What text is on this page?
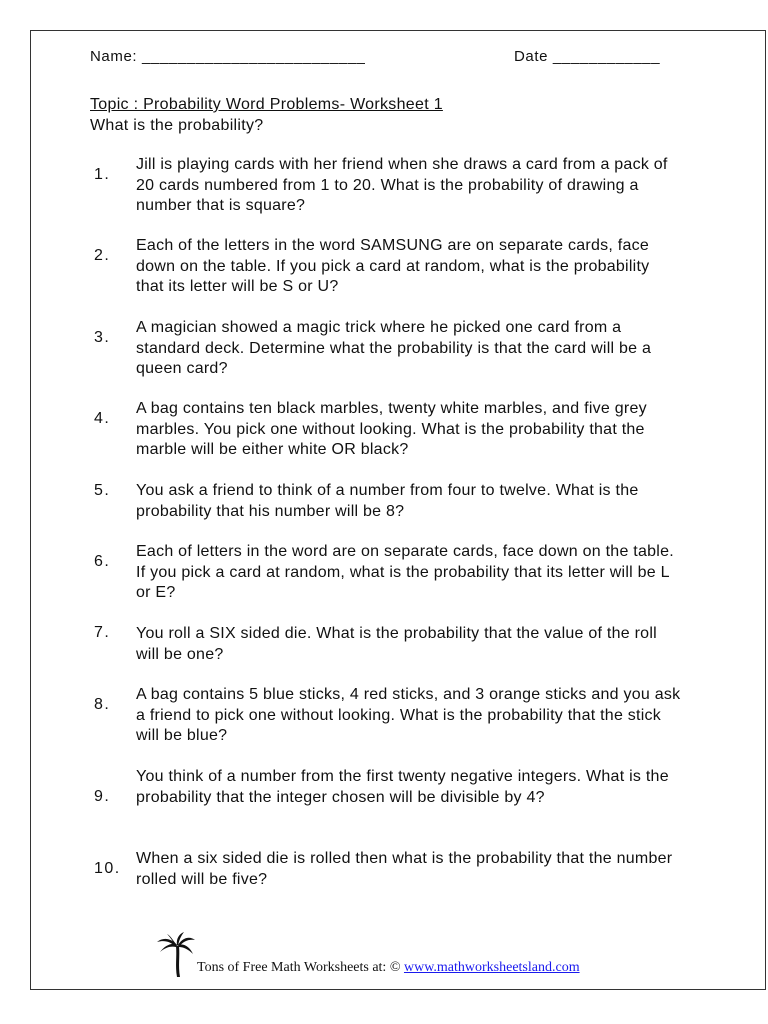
Name: _________________________	Date ____________
Topic : Probability Word Problems- Worksheet 1
What is the probability?
1.
Jill is playing cards with her friend when she draws a card from a pack of 20 cards numbered from 1 to 20. What is the probability of drawing a number that is square?
2.
Each of the letters in the word SAMSUNG are on separate cards, face down on the table. If you pick a card at random, what is the probability that its letter will be S or U?
3.
A magician showed a magic trick where he picked one card from a standard deck. Determine what the probability is that the card will be a queen card?
4.
A bag contains ten black marbles, twenty white marbles, and five grey marbles. You pick one without looking. What is the probability that the marble will be either white OR black?
5.	You ask a friend to think of a number from four to twelve. What is the probability that his number will be 8?
6.
Each of letters in the word are on separate cards, face down on the table. If you pick a card at random, what is the probability that its letter will be L or E?
7.	You roll a SIX sided die. What is the probability that the value of the roll will be one?
8.
A bag contains 5 blue sticks, 4 red sticks, and 3 orange sticks and you ask a friend to pick one without looking. What is the probability that the stick will be blue?
9.
You think of a number from the first twenty negative integers. What is the probability that the integer chosen will be divisible by 4?
10.
When a six sided die is rolled then what is the probability that the number rolled will be five?
Tons of Free Math Worksheets at: © www.mathworksheetsland.com
